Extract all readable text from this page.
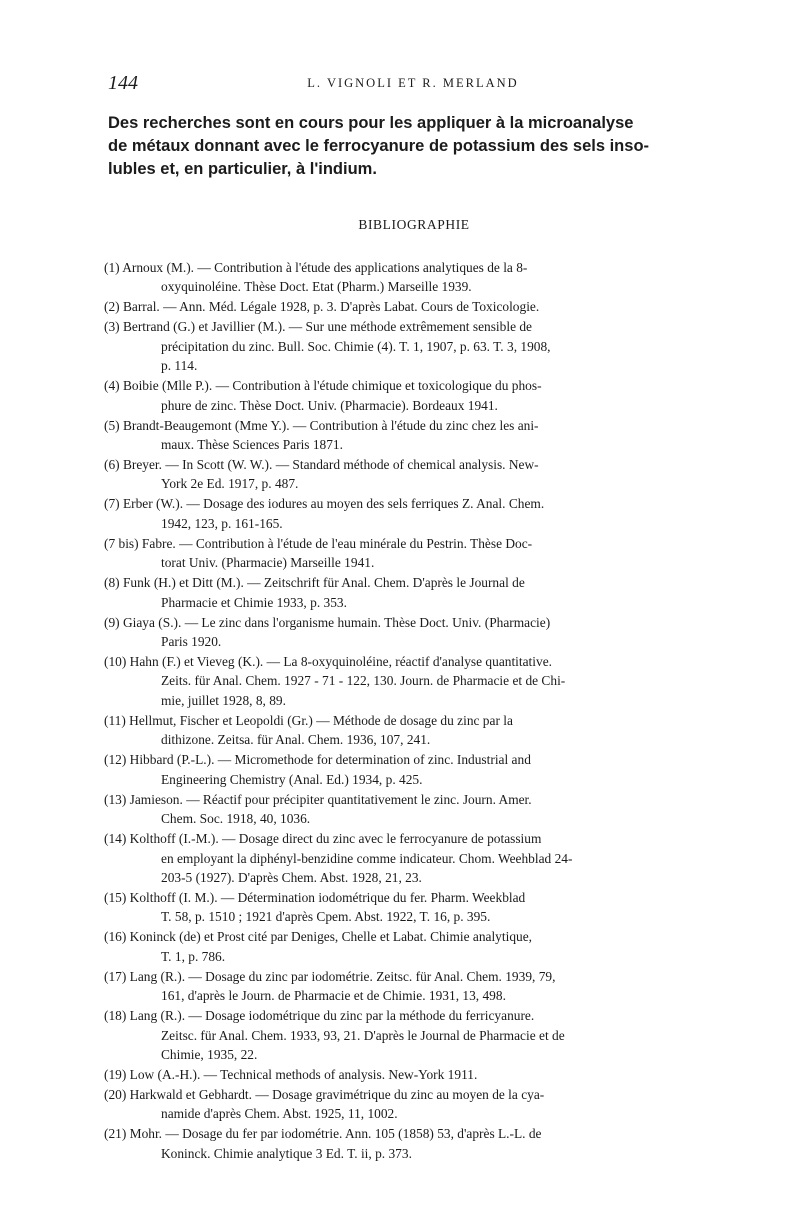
144	L. VIGNOLI ET R. MERLAND
Des recherches sont en cours pour les appliquer à la microanalyse
de métaux donnant avec le ferrocyanure de potassium des sels inso-
lubles et, en particulier, à l'indium.
BIBLIOGRAPHIE
(1) Arnoux (M.). — Contribution à l'étude des applications analytiques de la 8-
oxyquinoléine. Thèse Doct. Etat (Pharm.) Marseille 1939.
(2) Barral. — Ann. Méd. Légale 1928, p. 3. D'après Labat. Cours de Toxicologie.
(3) Bertrand (G.) et Javillier (M.). — Sur une méthode extrêmement sensible de
précipitation du zinc. Bull. Soc. Chimie (4). T. 1, 1907, p. 63. T. 3, 1908,
p. 114.
(4) Boibie (Mlle P.). — Contribution à l'étude chimique et toxicologique du phos-
phure de zinc. Thèse Doct. Univ. (Pharmacie). Bordeaux 1941.
(5) Brandt-Beaugemont (Mme Y.). — Contribution à l'étude du zinc chez les ani-
maux. Thèse Sciences Paris 1871.
(6) Breyer. — In Scott (W. W.). — Standard méthode of chemical analysis. New-
York 2e Ed. 1917, p. 487.
(7) Erber (W.). — Dosage des iodures au moyen des sels ferriques Z. Anal. Chem.
1942, 123, p. 161-165.
(7 bis) Fabre. — Contribution à l'étude de l'eau minérale du Pestrin. Thèse Doc-
torat Univ. (Pharmacie) Marseille 1941.
(8) Funk (H.) et Ditt (M.). — Zeitschrift für Anal. Chem. D'après le Journal de
Pharmacie et Chimie 1933, p. 353.
(9) Giaya (S.). — Le zinc dans l'organisme humain. Thèse Doct. Univ. (Pharmacie)
Paris 1920.
(10) Hahn (F.) et Vieveg (K.). — La 8-oxyquinoléine, réactif d'analyse quantitative.
Zeits. für Anal. Chem. 1927 - 71 - 122, 130. Journ. de Pharmacie et de Chi-
mie, juillet 1928, 8, 89.
(11) Hellmut, Fischer et Leopoldi (Gr.) — Méthode de dosage du zinc par la
dithizone. Zeitsa. für Anal. Chem. 1936, 107, 241.
(12) Hibbard (P.-L.). — Micromethode for determination of zinc. Industrial and
Engineering Chemistry (Anal. Ed.) 1934, p. 425.
(13) Jamieson. — Réactif pour précipiter quantitativement le zinc. Journ. Amer.
Chem. Soc. 1918, 40, 1036.
(14) Kolthoff (I.-M.). — Dosage direct du zinc avec le ferrocyanure de potassium
en employant la diphényl-benzidine comme indicateur. Chom. Weehblad 24-
203-5 (1927). D'après Chem. Abst. 1928, 21, 23.
(15) Kolthoff (I. M.). — Détermination iodométrique du fer. Pharm. Weekblad
T. 58, p. 1510 ; 1921 d'après Cpem. Abst. 1922, T. 16, p. 395.
(16) Koninck (de) et Prost cité par Deniges, Chelle et Labat. Chimie analytique,
T. 1, p. 786.
(17) Lang (R.). — Dosage du zinc par iodométrie. Zeitsc. für Anal. Chem. 1939, 79,
161, d'après le Journ. de Pharmacie et de Chimie. 1931, 13, 498.
(18) Lang (R.). — Dosage iodométrique du zinc par la méthode du ferricyanure.
Zeitsc. für Anal. Chem. 1933, 93, 21. D'après le Journal de Pharmacie et de
Chimie, 1935, 22.
(19) Low (A.-H.). — Technical methods of analysis. New-York 1911.
(20) Harkwald et Gebhardt. — Dosage gravimétrique du zinc au moyen de la cya-
namide d'après Chem. Abst. 1925, 11, 1002.
(21) Mohr. — Dosage du fer par iodométrie. Ann. 105 (1858) 53, d'après L.-L. de
Koninck. Chimie analytique 3 Ed. T. ii, p. 373.
